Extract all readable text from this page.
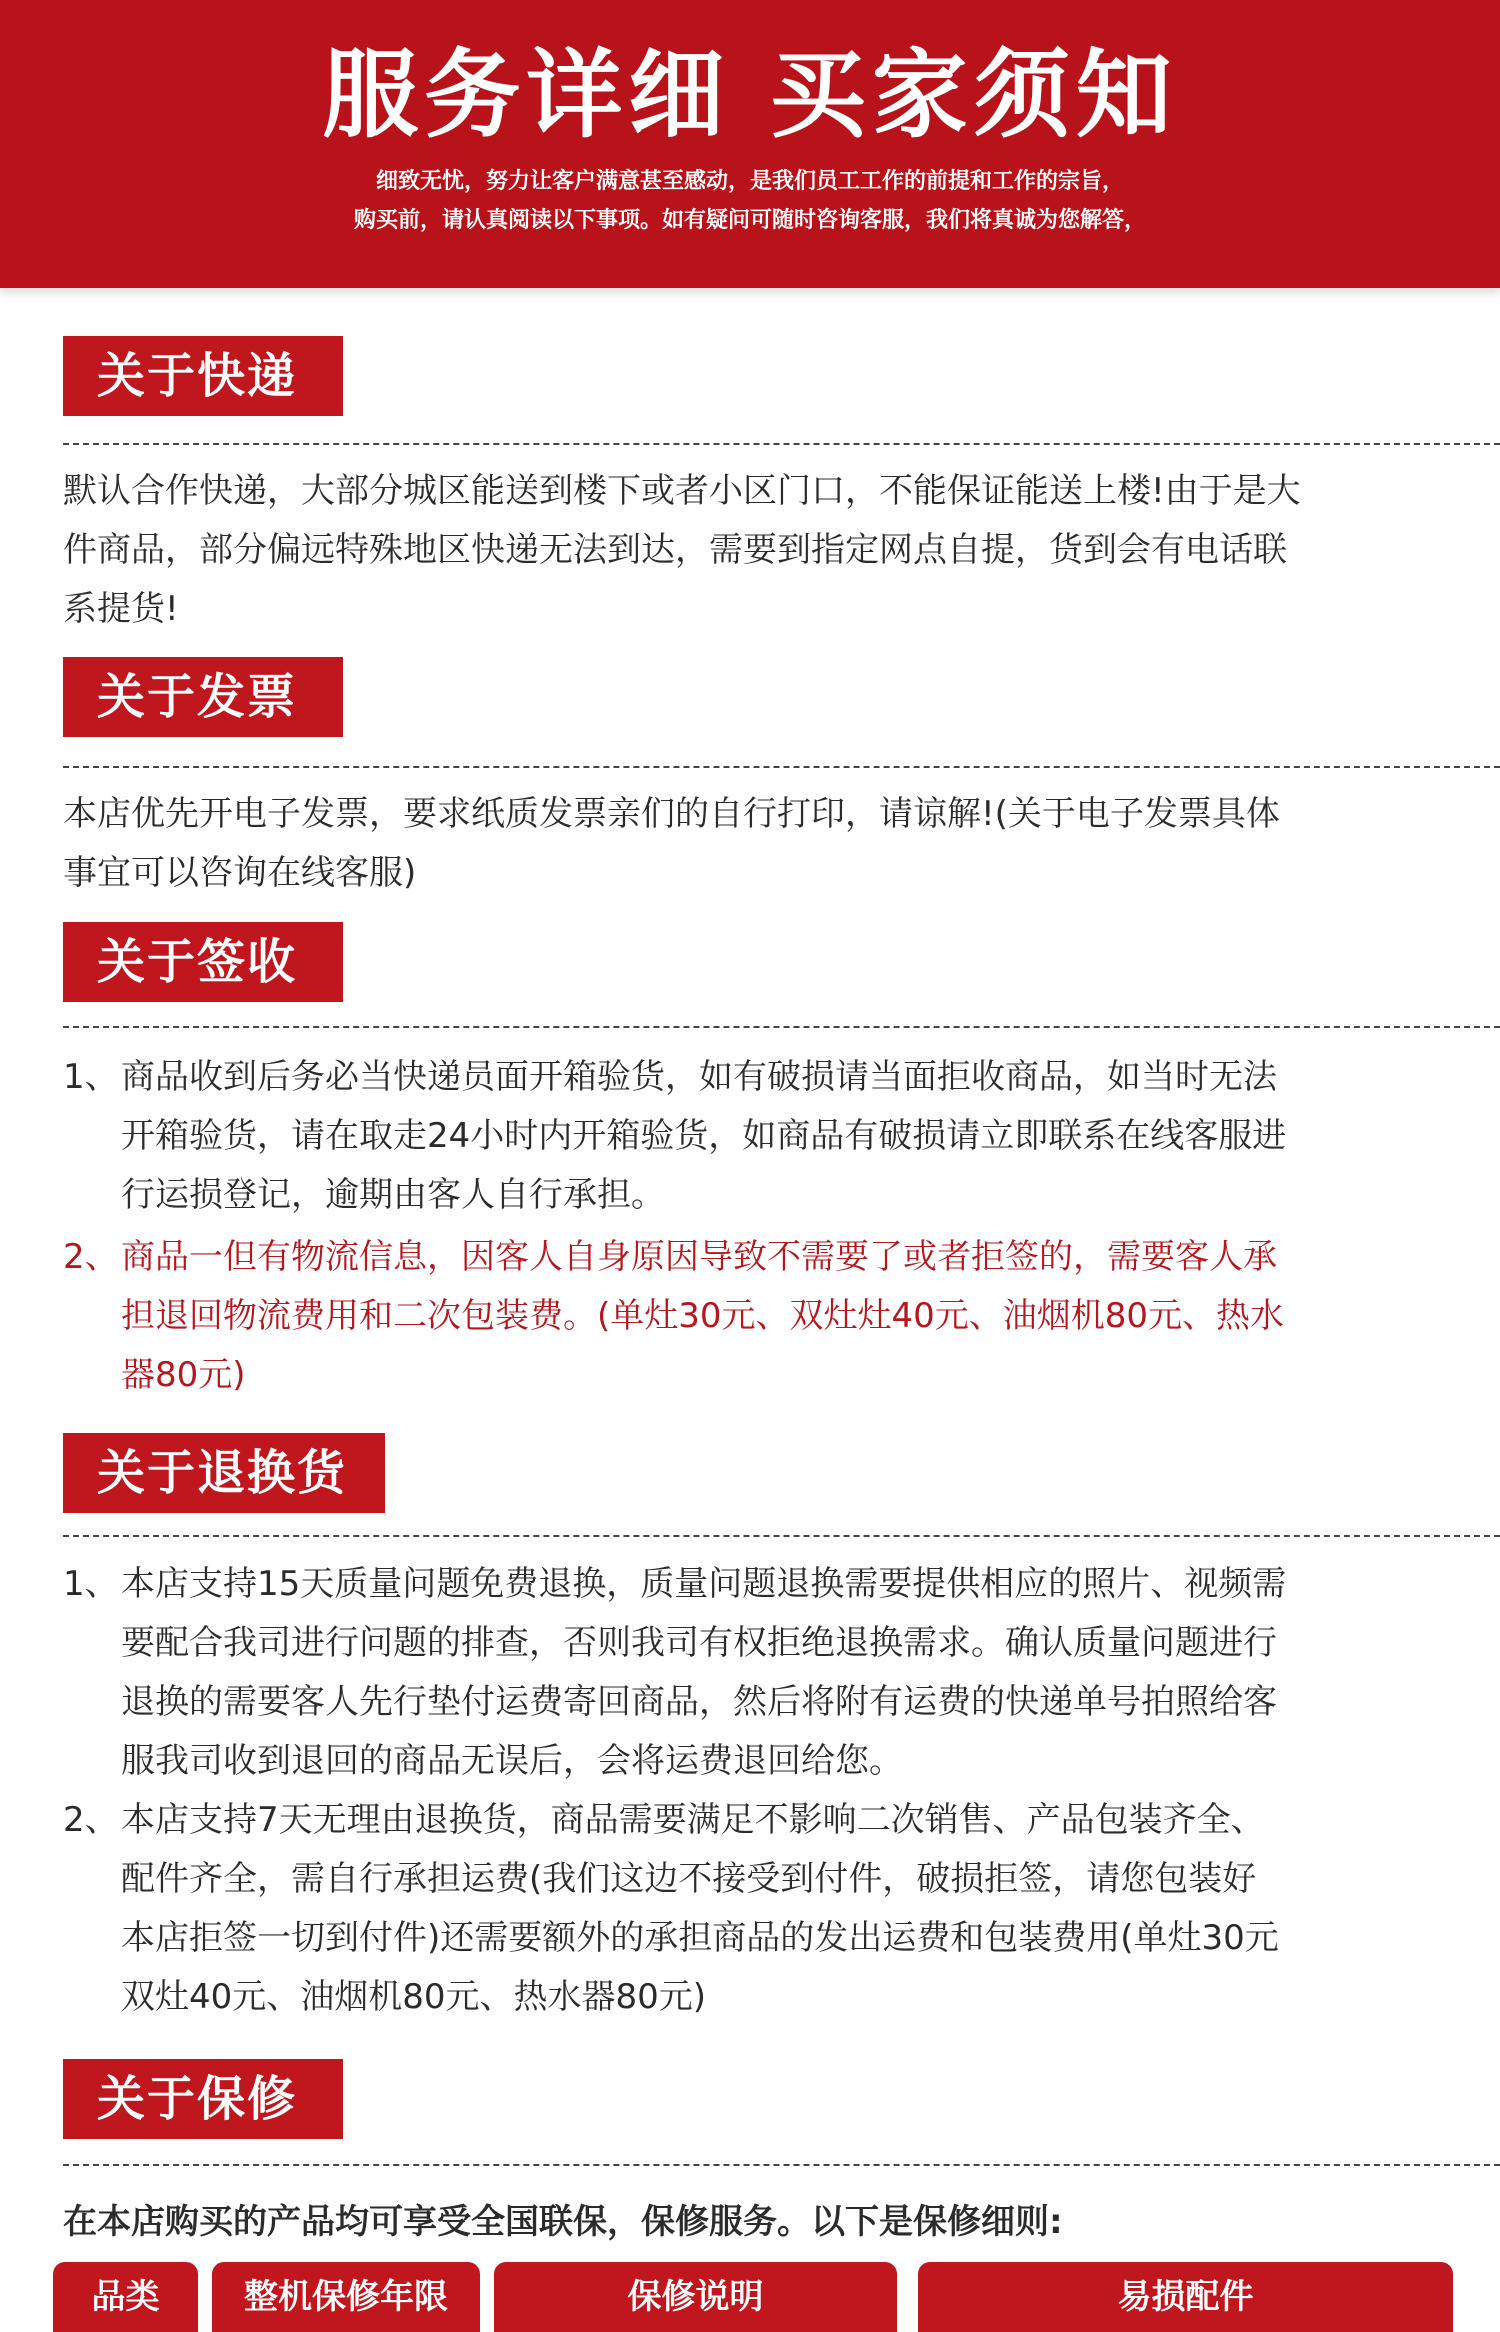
服务详细 买家须知
细致无忧，努力让客户满意甚至感动，是我们员工工作的前提和工作的宗旨，
购买前，请认真阅读以下事项。如有疑问可随时咨询客服，我们将真诚为您解答，
关于快递
默认合作快递，大部分城区能送到楼下或者小区门口，不能保证能送上楼!由于是大
件商品，部分偏远特殊地区快递无法到达，需要到指定网点自提，货到会有电话联
系提货!
关于发票
本店优先开电子发票，要求纸质发票亲们的自行打印，请谅解!(关于电子发票具体
事宜可以咨询在线客服)
关于签收
1、 商品收到后务必当快递员面开箱验货，如有破损请当面拒收商品，如当时无法
开箱验货，请在取走24小时内开箱验货，如商品有破损请立即联系在线客服进
行运损登记，逾期由客人自行承担。
2、 商品一但有物流信息，因客人自身原因导致不需要了或者拒签的，需要客人承
担退回物流费用和二次包装费。(单灶30元、双灶灶40元、油烟机80元、热水
器80元)
关于退换货
1、 本店支持15天质量问题免费退换，质量问题退换需要提供相应的照片、视频需
要配合我司进行问题的排查，否则我司有权拒绝退换需求。确认质量问题进行
退换的需要客人先行垫付运费寄回商品，然后将附有运费的快递单号拍照给客
服我司收到退回的商品无误后，会将运费退回给您。
2、 本店支持7天无理由退换货，商品需要满足不影响二次销售、产品包装齐全、
配件齐全，需自行承担运费(我们这边不接受到付件，破损拒签，请您包装好
本店拒签一切到付件)还需要额外的承担商品的发出运费和包装费用(单灶30元
双灶40元、油烟机80元、热水器80元)
关于保修
在本店购买的产品均可享受全国联保，保修服务。以下是保修细则:
品类	整机保修年限	保修说明	易损配件
